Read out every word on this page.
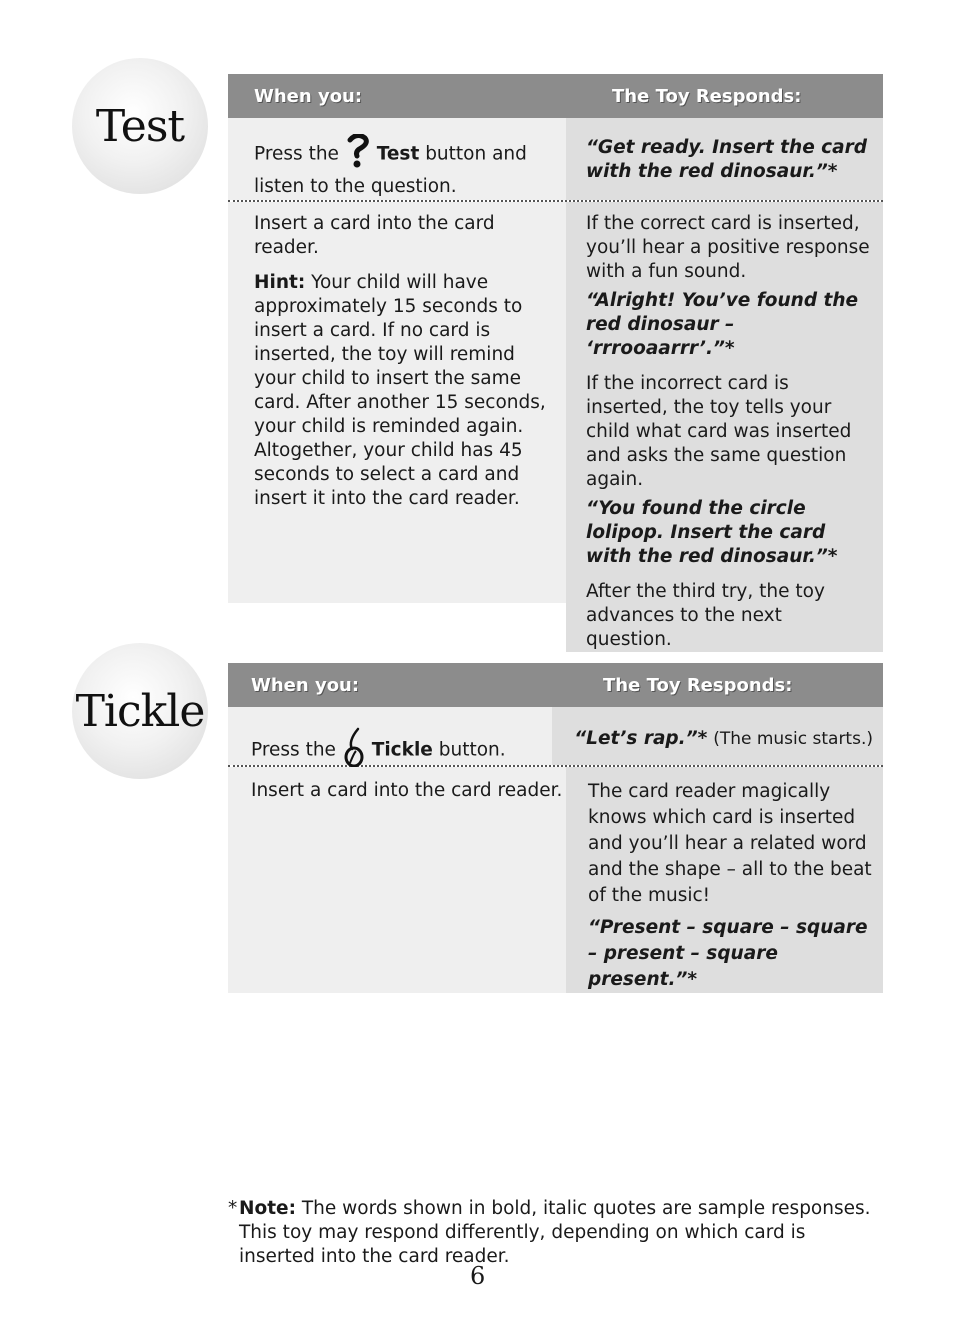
Test
When you:	The Toy Responds:

Press the Test button and listen to the question.

“Get ready. Insert the card with the red dinosaur.”*

Insert a card into the card reader.

Hint: Your child will have approximately 15 seconds to insert a card. If no card is inserted, the toy will remind your child to insert the same card. After another 15 seconds, your child is reminded again. Altogether, your child has 45 seconds to select a card and insert it into the card reader.

If the correct card is inserted, you’ll hear a positive response with a fun sound.

“Alright! You’ve found the red dinosaur – ‘rrrooaarrr’.”*

If the incorrect card is inserted, the toy tells your child what card was inserted and asks the same question again.

“You found the circle lolipop. Insert the card with the red dinosaur.”*

After the third try, the toy advances to the next question.

Tickle
When you:	The Toy Responds:

Press the Tickle button.

“Let’s rap.”* (The music starts.)

Insert a card into the card reader. The card reader magically knows which card is inserted and you’ll hear a related word and the shape – all to the beat of the music!

“Present – square – square – present – square present.”*

* Note: The words shown in bold, italic quotes are sample responses. This toy may respond differently, depending on which card is inserted into the card reader.
6
